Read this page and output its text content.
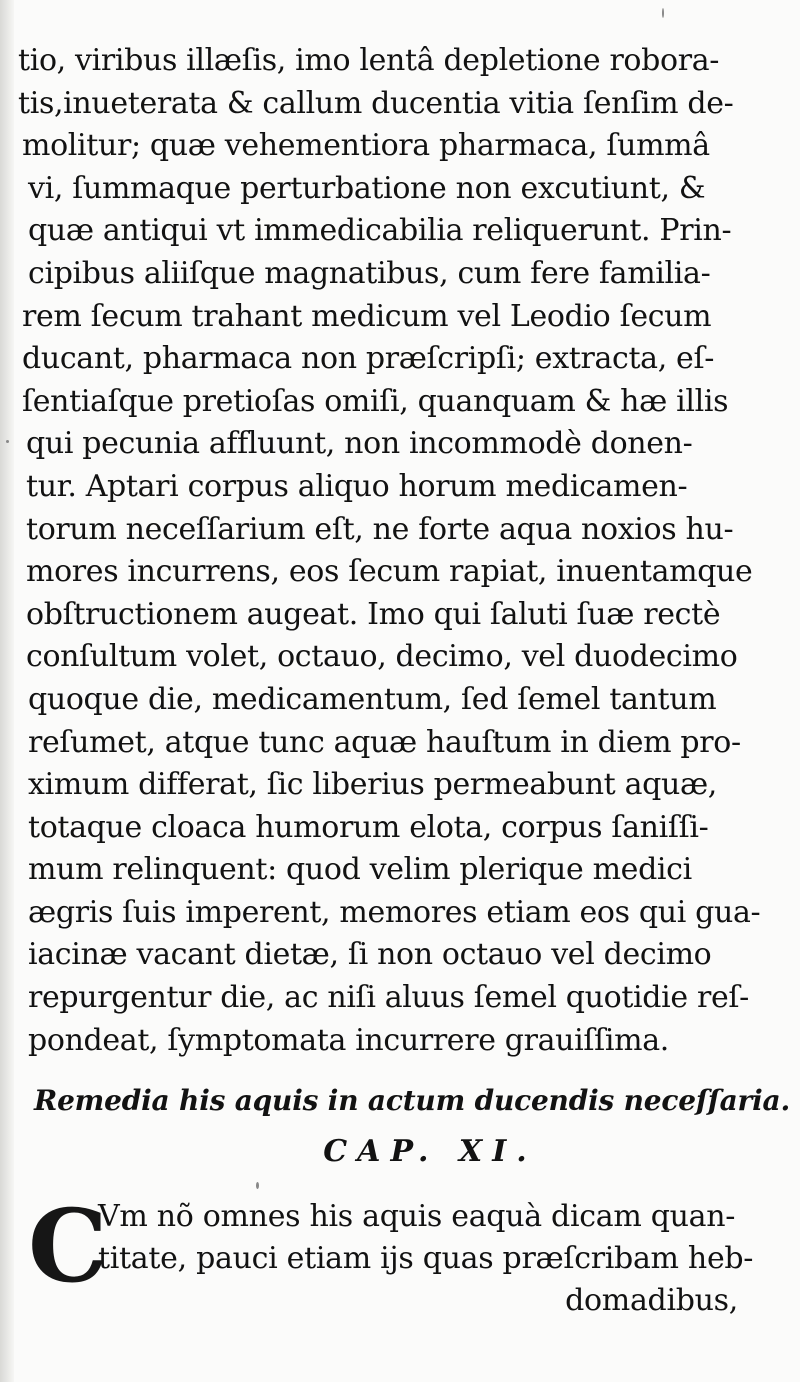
tio, viribus illæſis, imo lentâ depletione robora-
tis,inueterata & callum ducentia vitia ſenſim de-
molitur; quæ vehementiora pharmaca, ſummâ
vi, ſummaque perturbatione non excutiunt, &
quæ antiqui vt immedicabilia reliquerunt. Prin-
cipibus aliiſque magnatibus, cum fere familia-
rem ſecum trahant medicum vel Leodio ſecum
ducant, pharmaca non præſcripſi; extracta, eſ-
ſentiaſque pretioſas omiſi, quanquam & hæ illis
qui pecunia affluunt, non incommodè donen-
tur. Aptari corpus aliquo horum medicamen-
torum neceſſarium eſt, ne forte aqua noxios hu-
mores incurrens, eos ſecum rapiat, inuentamque
obſtructionem augeat. Imo qui ſaluti ſuæ rectè
conſultum volet, octauo, decimo, vel duodecimo
quoque die, medicamentum, ſed ſemel tantum
reſumet, atque tunc aquæ hauſtum in diem pro-
ximum differat, ſic liberius permeabunt aquæ,
totaque cloaca humorum elota, corpus ſaniſſi-
mum relinquent: quod velim plerique medici
ægris ſuis imperent, memores etiam eos qui gua-
iacinæ vacant dietæ, ſi non octauo vel decimo
repurgentur die, ac niſi aluus ſemel quotidie reſ-
pondeat, ſymptomata incurrere grauiſſima.
Remedia his aquis in actum ducendis neceſſaria.
CAP. XI.
C
Vm nõ omnes his aquis eaquà dicam quan-
titate, pauci etiam ijs quas præſcribam heb-
domadibus,
